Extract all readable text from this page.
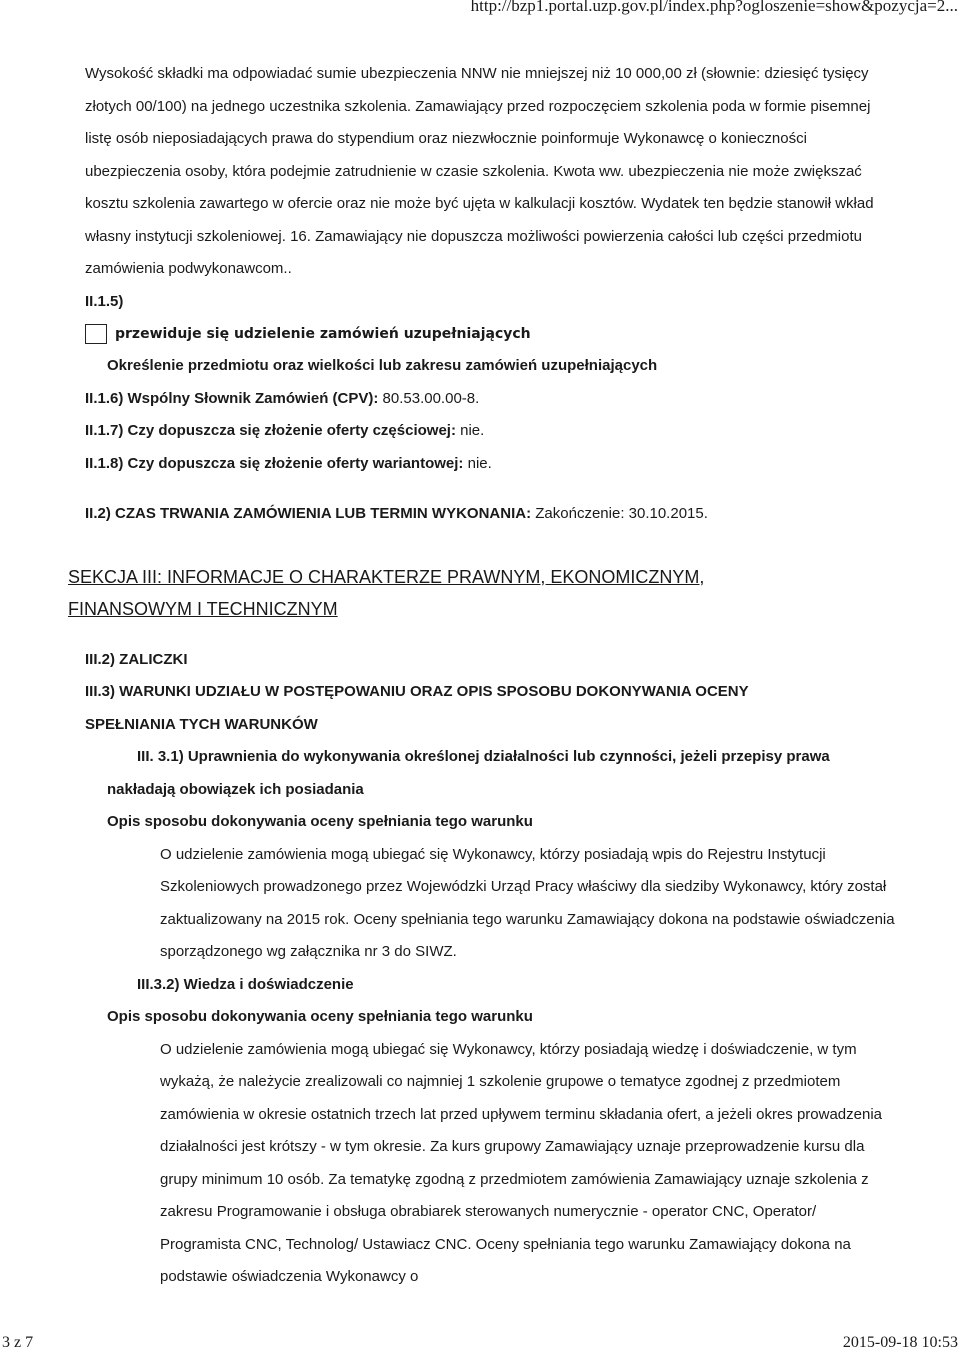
http://bzp1.portal.uzp.gov.pl/index.php?ogloszenie=show&pozycja=2...

Wysokość składki ma odpowiadać sumie ubezpieczenia NNW nie mniejszej niż 10 000,00 zł (słownie: dziesięć tysięcy złotych 00/100) na jednego uczestnika szkolenia. Zamawiający przed rozpoczęciem szkolenia poda w formie pisemnej listę osób nieposiadających prawa do stypendium oraz niezwłocznie poinformuje Wykonawcę o konieczności ubezpieczenia osoby, która podejmie zatrudnienie w czasie szkolenia. Kwota ww. ubezpieczenia nie może zwiększać kosztu szkolenia zawartego w ofercie oraz nie może być ujęta w kalkulacji kosztów. Wydatek ten będzie stanowił wkład własny instytucji szkoleniowej. 16. Zamawiający nie dopuszcza możliwości powierzenia całości lub części przedmiotu zamówienia podwykonawcom..

II.1.5)
przewiduje się udzielenie zamówień uzupełniających
Określenie przedmiotu oraz wielkości lub zakresu zamówień uzupełniających
II.1.6) Wspólny Słownik Zamówień (CPV): 80.53.00.00-8.
II.1.7) Czy dopuszcza się złożenie oferty częściowej: nie.
II.1.8) Czy dopuszcza się złożenie oferty wariantowej: nie.
II.2) CZAS TRWANIA ZAMÓWIENIA LUB TERMIN WYKONANIA: Zakończenie: 30.10.2015.
SEKCJA III: INFORMACJE O CHARAKTERZE PRAWNYM, EKONOMICZNYM,
FINANSOWYM I TECHNICZNYM
III.2) ZALICZKI
III.3) WARUNKI UDZIAŁU W POSTĘPOWANIU ORAZ OPIS SPOSOBU DOKONYWANIA OCENY
SPEŁNIANIA TYCH WARUNKÓW
III. 3.1) Uprawnienia do wykonywania określonej działalności lub czynności, jeżeli przepisy prawa
nakładają obowiązek ich posiadania
Opis sposobu dokonywania oceny spełniania tego warunku

O udzielenie zamówienia mogą ubiegać się Wykonawcy, którzy posiadają wpis do Rejestru Instytucji Szkoleniowych prowadzonego przez Wojewódzki Urząd Pracy właściwy dla siedziby Wykonawcy, który został zaktualizowany na 2015 rok. Oceny spełniania tego warunku Zamawiający dokona na podstawie oświadczenia sporządzonego wg załącznika nr 3 do SIWZ.

III.3.2) Wiedza i doświadczenie
Opis sposobu dokonywania oceny spełniania tego warunku

O udzielenie zamówienia mogą ubiegać się Wykonawcy, którzy posiadają wiedzę i doświadczenie, w tym wykażą, że należycie zrealizowali co najmniej 1 szkolenie grupowe o tematyce zgodnej z przedmiotem zamówienia w okresie ostatnich trzech lat przed upływem terminu składania ofert, a jeżeli okres prowadzenia działalności jest krótszy - w tym okresie. Za kurs grupowy Zamawiający uznaje przeprowadzenie kursu dla grupy minimum 10 osób. Za tematykę zgodną z przedmiotem zamówienia Zamawiający uznaje szkolenia z zakresu Programowanie i obsługa obrabiarek sterowanych numerycznie - operator CNC, Operator/ Programista CNC, Technolog/ Ustawiacz CNC. Oceny spełniania tego warunku Zamawiający dokona na podstawie oświadczenia Wykonawcy o

3 z 7	2015-09-18 10:53
